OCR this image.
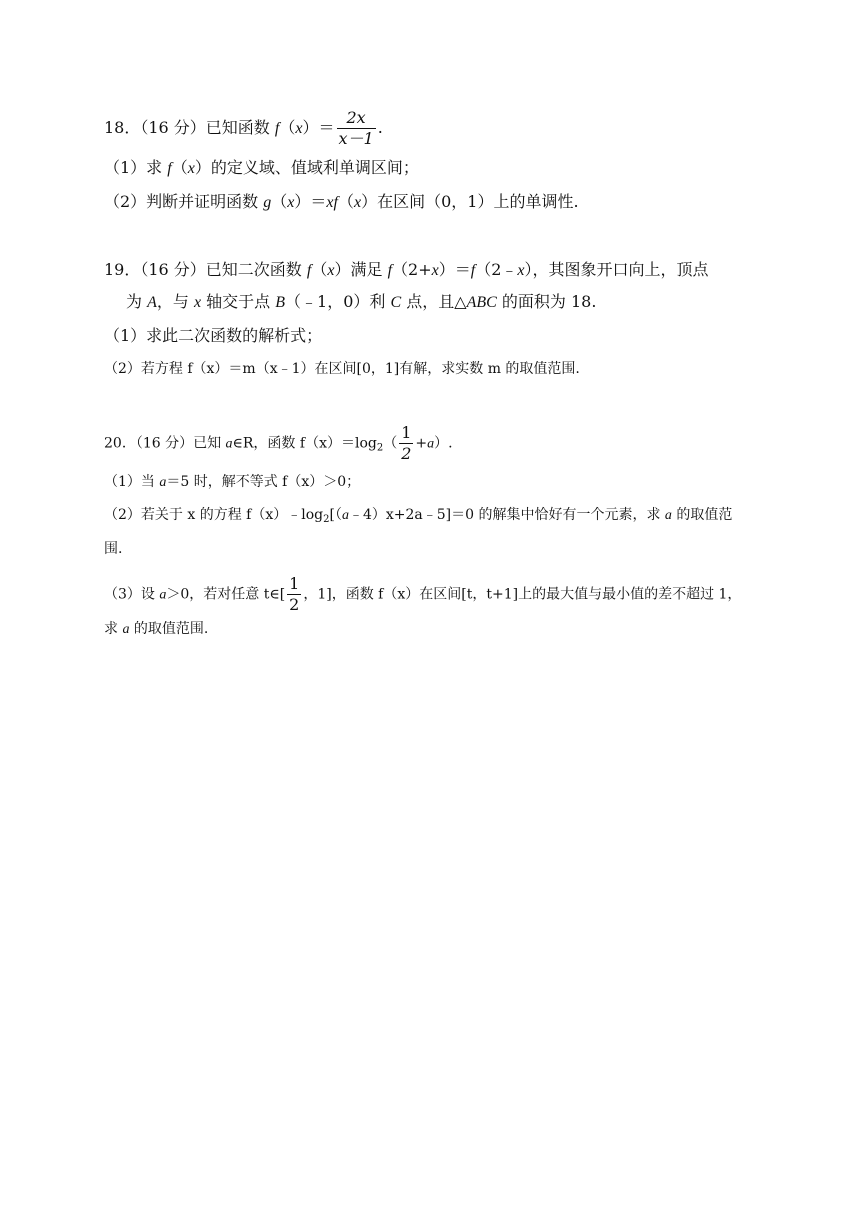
18．（16 分）已知函数 $f(x)= \frac{2x}{x-1}$ .
（1）求 f（x）的定义域、值域利单调区间；
（2）判断并证明函数 g（x）＝xf（x）在区间（0，1）上的单调性.
19．（16 分）已知二次函数 f（x）满足 f（2+x）＝f（2﹣x），其图象开口向上，顶点
为 A，与 x 轴交于点 B（﹣1，0）利 C 点，且△ABC 的面积为 18.
（1）求此二次函数的解析式；
（2）若方程 f（x）＝m（x﹣1）在区间[0，1]有解，求实数 m 的取值范围.
20．（16 分）已知 a∈R，函数 $f(x)=\log_2( \frac{1}{2} +a)$.
（1）当 a＝5 时，解不等式 f（x）＞0；
（2）若关于 x 的方程 $f(x)﹣\log_2[(a﹣4)x+2a﹣5]=0$ 的解集中恰好有一个元素，求 a 的取值范
围.
（3）设 a＞0，若对任意 t∈[ $\frac{1}{2}$ ，1]，函数 f（x）在区间[t，t+1]上的最大值与最小值的差不超过 1，
求 a 的取值范围.
